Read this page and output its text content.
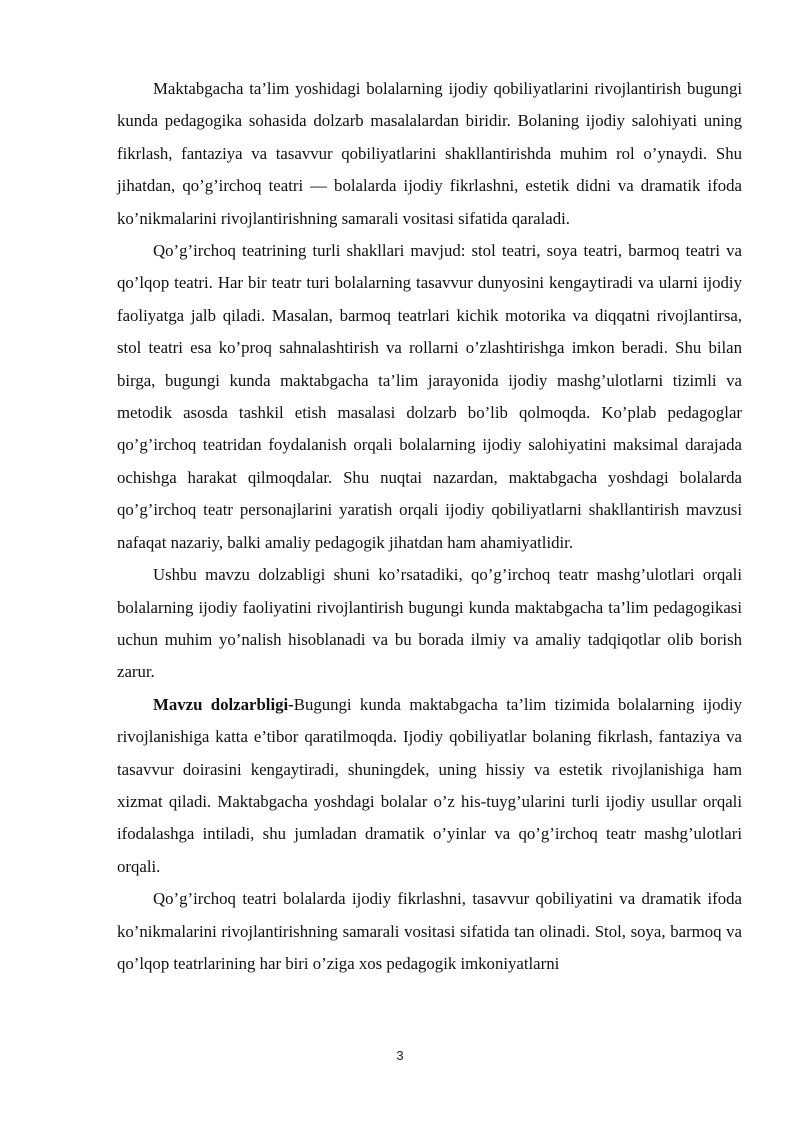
Maktabgacha ta’lim yoshidagi bolalarning ijodiy qobiliyatlarini rivojlantirish bugungi kunda pedagogika sohasida dolzarb masalalardan biridir. Bolaning ijodiy salohiyati uning fikrlash, fantaziya va tasavvur qobiliyatlarini shakllantirishda muhim rol o’ynaydi. Shu jihatdan, qo’g’irchoq teatri — bolalarda ijodiy fikrlashni, estetik didni va dramatik ifoda ko’nikmalarini rivojlantirishning samarali vositasi sifatida qaraladi.

Qo’g’irchoq teatrining turli shakllari mavjud: stol teatri, soya teatri, barmoq teatri va qo’lqop teatri. Har bir teatr turi bolalarning tasavvur dunyosini kengaytiradi va ularni ijodiy faoliyatga jalb qiladi. Masalan, barmoq teatrlari kichik motorika va diqqatni rivojlantirsa, stol teatri esa ko’proq sahnalashtirish va rollarni o’zlashtirishga imkon beradi. Shu bilan birga, bugungi kunda maktabgacha ta’lim jarayonida ijodiy mashg’ulotlarni tizimli va metodik asosda tashkil etish masalasi dolzarb bo’lib qolmoqda. Ko’plab pedagoglar qo’g’irchoq teatridan foydalanish orqali bolalarning ijodiy salohiyatini maksimal darajada ochishga harakat qilmoqdalar. Shu nuqtai nazardan, maktabgacha yoshdagi bolalarda qo’g’irchoq teatr personajlarini yaratish orqali ijodiy qobiliyatlarni shakllantirish mavzusi nafaqat nazariy, balki amaliy pedagogik jihatdan ham ahamiyatlidir.

Ushbu mavzu dolzabligi shuni ko’rsatadiki, qo’g’irchoq teatr mashg’ulotlari orqali bolalarning ijodiy faoliyatini rivojlantirish bugungi kunda maktabgacha ta’lim pedagogikasi uchun muhim yo’nalish hisoblanadi va bu borada ilmiy va amaliy tadqiqotlar olib borish zarur.

Mavzu dolzarbligi-Bugungi kunda maktabgacha ta’lim tizimida bolalarning ijodiy rivojlanishiga katta e’tibor qaratilmoqda. Ijodiy qobiliyatlar bolaning fikrlash, fantaziya va tasavvur doirasini kengaytiradi, shuningdek, uning hissiy va estetik rivojlanishiga ham xizmat qiladi. Maktabgacha yoshdagi bolalar o’z his-tuyg’ularini turli ijodiy usullar orqali ifodalashga intiladi, shu jumladan dramatik o’yinlar va qo’g’irchoq teatr mashg’ulotlari orqali.

Qo’g’irchoq teatri bolalarda ijodiy fikrlashni, tasavvur qobiliyatini va dramatik ifoda ko’nikmalarini rivojlantirishning samarali vositasi sifatida tan olinadi. Stol, soya, barmoq va qo’lqop teatrlarining har biri o’ziga xos pedagogik imkoniyatlarni

3
